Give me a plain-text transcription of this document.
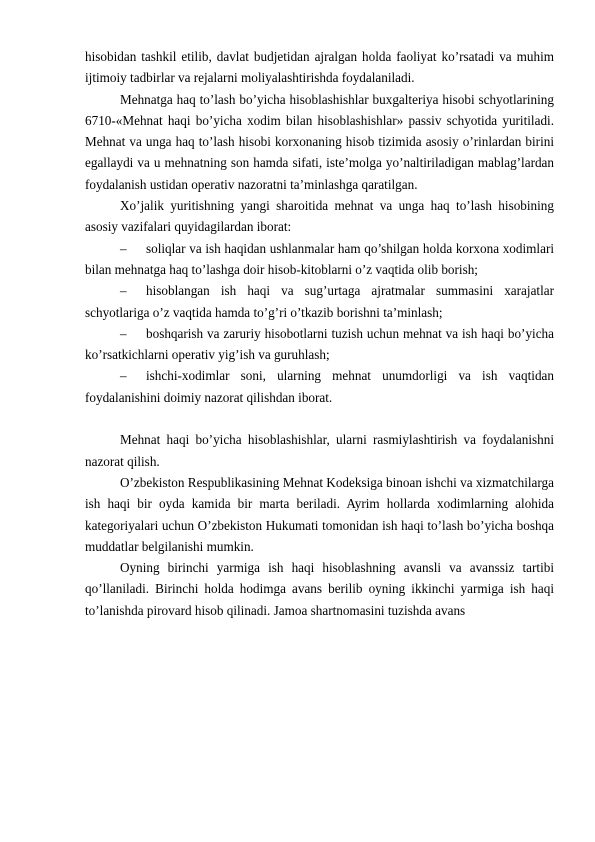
hisobidan tashkil etilib, davlat budjetidan ajralgan holda faoliyat ko’rsatadi va muhim ijtimoiy tadbirlar va rejalarni moliyalashtirishda foydalaniladi.

Mehnatga haq to’lash bo’yicha hisoblashishlar buxgalteriya hisobi schyotlarining 6710-«Mehnat haqi bo’yicha xodim bilan hisoblashishlar» passiv schyotida yuritiladi. Mehnat va unga haq to’lash hisobi korxonaning hisob tizimida asosiy o’rinlardan birini egallaydi va u mehnatning son hamda sifati, iste’molga yo’naltiriladigan mablag’lardan foydalanish ustidan operativ nazoratni ta’minlashga qaratilgan.

Xo’jalik yuritishning yangi sharoitida mehnat va unga haq to’lash hisobining asosiy vazifalari quyidagilardan iborat:

– soliqlar va ish haqidan ushlanmalar ham qo’shilgan holda korxona xodimlari bilan mehnatga haq to’lashga doir hisob-kitoblarni o’z vaqtida olib borish;
– hisoblangan ish haqi va sug’urtaga ajratmalar summasini xarajatlar schyotlariga o’z vaqtida hamda to’g’ri o’tkazib borishni ta’minlash;
– boshqarish va zaruriy hisobotlarni tuzish uchun mehnat va ish haqi bo’yicha ko’rsatkichlarni operativ yig’ish va guruhlash;
– ishchi-xodimlar soni, ularning mehnat unumdorligi va ish vaqtidan foydalanishini doimiy nazorat qilishdan iborat.

Mehnat haqi bo’yicha hisoblashishlar, ularni rasmiylashtirish va foydalanishni nazorat qilish.

O’zbekiston Respublikasining Mehnat Kodeksiga binoan ishchi va xizmatchilarga ish haqi bir oyda kamida bir marta beriladi. Ayrim hollarda xodimlarning alohida kategoriyalari uchun O’zbekiston Hukumati tomonidan ish haqi to’lash bo’yicha boshqa muddatlar belgilanishi mumkin.

Oyning birinchi yarmiga ish haqi hisoblashning avansli va avanssiz tartibi qo’llaniladi. Birinchi holda hodimga avans berilib oyning ikkinchi yarmiga ish haqi to’lanishda pirovard hisob qilinadi. Jamoa shartnomasini tuzishda avans
